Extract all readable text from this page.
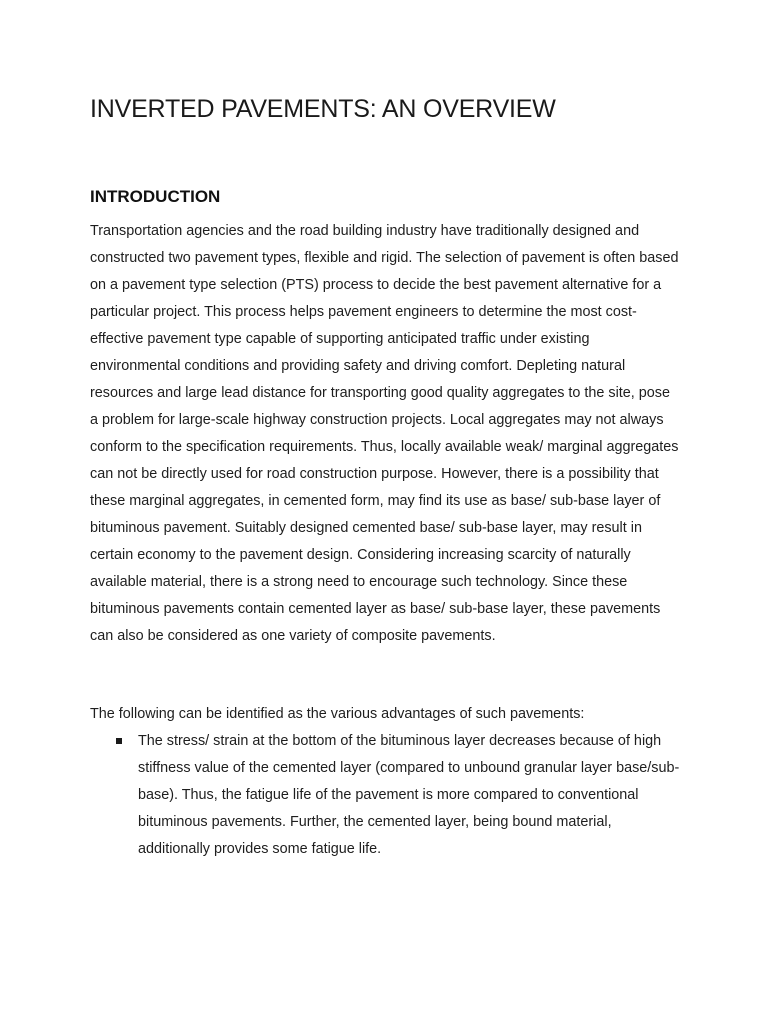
INVERTED PAVEMENTS: AN OVERVIEW
INTRODUCTION

Transportation agencies and the road building industry have traditionally designed and constructed two pavement types, flexible and rigid. The selection of pavement is often based on a pavement type selection (PTS) process to decide the best pavement alternative for a particular project. This process helps pavement engineers to determine the most cost-effective pavement type capable of supporting anticipated traffic under existing environmental conditions and providing safety and driving comfort. Depleting natural resources and large lead distance for transporting good quality aggregates to the site, pose a problem for large-scale highway construction projects. Local aggregates may not always conform to the specification requirements. Thus, locally available weak/ marginal aggregates can not be directly used for road construction purpose. However, there is a possibility that these marginal aggregates, in cemented form, may find its use as base/ sub-base layer of bituminous pavement. Suitably designed cemented base/ sub-base layer, may result in certain economy to the pavement design. Considering increasing scarcity of naturally available material, there is a strong need to encourage such technology. Since these bituminous pavements contain cemented layer as base/ sub-base layer, these pavements can also be considered as one variety of composite pavements.

The following can be identified as the various advantages of such pavements:

The stress/ strain at the bottom of the bituminous layer decreases because of high stiffness value of the cemented layer (compared to unbound granular layer base/sub-base). Thus, the fatigue life of the pavement is more compared to conventional bituminous pavements. Further, the cemented layer, being bound material, additionally provides some fatigue life.
